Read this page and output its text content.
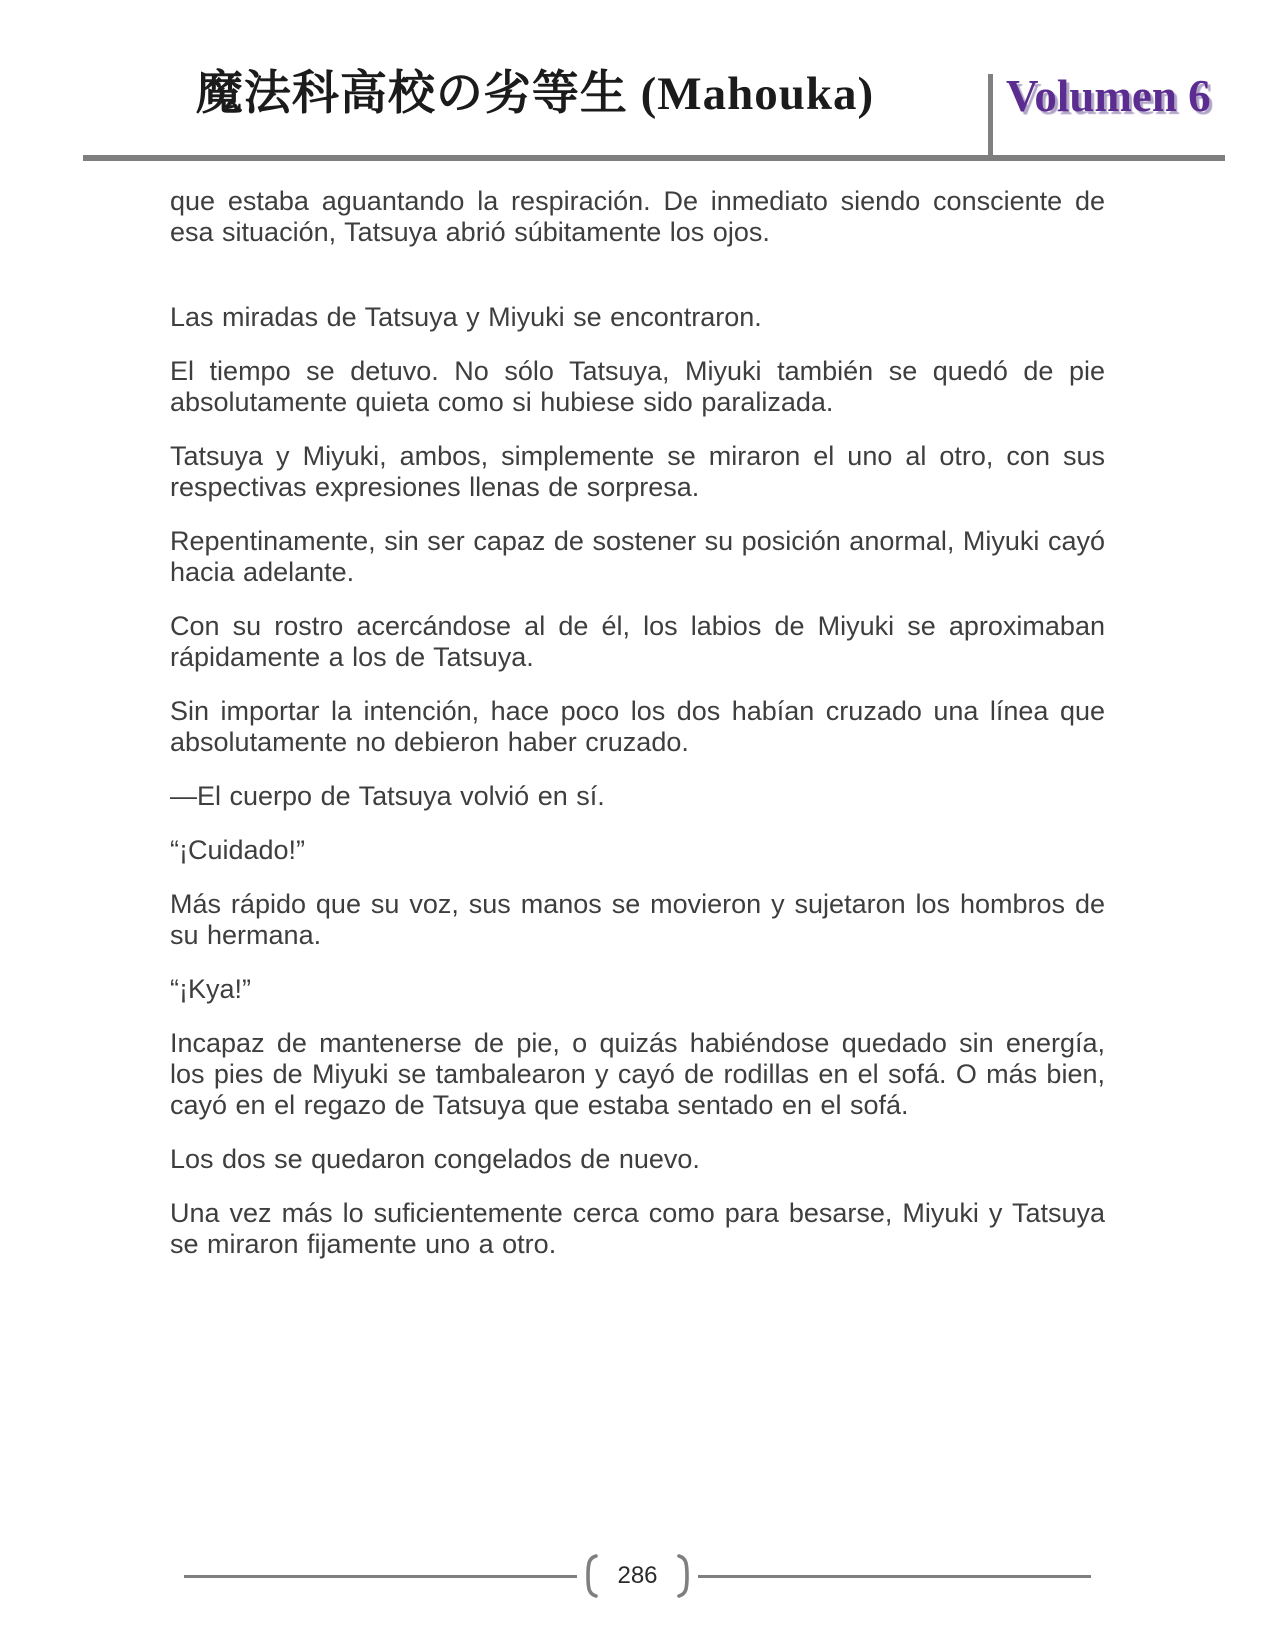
魔法科高校の劣等生 (Mahouka)	Volumen 6

que estaba aguantando la respiración. De inmediato siendo consciente de esa situación, Tatsuya abrió súbitamente los ojos.

Las miradas de Tatsuya y Miyuki se encontraron.

El tiempo se detuvo. No sólo Tatsuya, Miyuki también se quedó de pie absolutamente quieta como si hubiese sido paralizada.

Tatsuya y Miyuki, ambos, simplemente se miraron el uno al otro, con sus respectivas expresiones llenas de sorpresa.

Repentinamente, sin ser capaz de sostener su posición anormal, Miyuki cayó hacia adelante.

Con su rostro acercándose al de él, los labios de Miyuki se aproximaban rápidamente a los de Tatsuya.

Sin importar la intención, hace poco los dos habían cruzado una línea que absolutamente no debieron haber cruzado.

—El cuerpo de Tatsuya volvió en sí.

“¡Cuidado!”

Más rápido que su voz, sus manos se movieron y sujetaron los hombros de su hermana.

“¡Kya!”

Incapaz de mantenerse de pie, o quizás habiéndose quedado sin energía, los pies de Miyuki se tambalearon y cayó de rodillas en el sofá. O más bien, cayó en el regazo de Tatsuya que estaba sentado en el sofá.

Los dos se quedaron congelados de nuevo.

Una vez más lo suficientemente cerca como para besarse, Miyuki y Tatsuya se miraron fijamente uno a otro.

286
